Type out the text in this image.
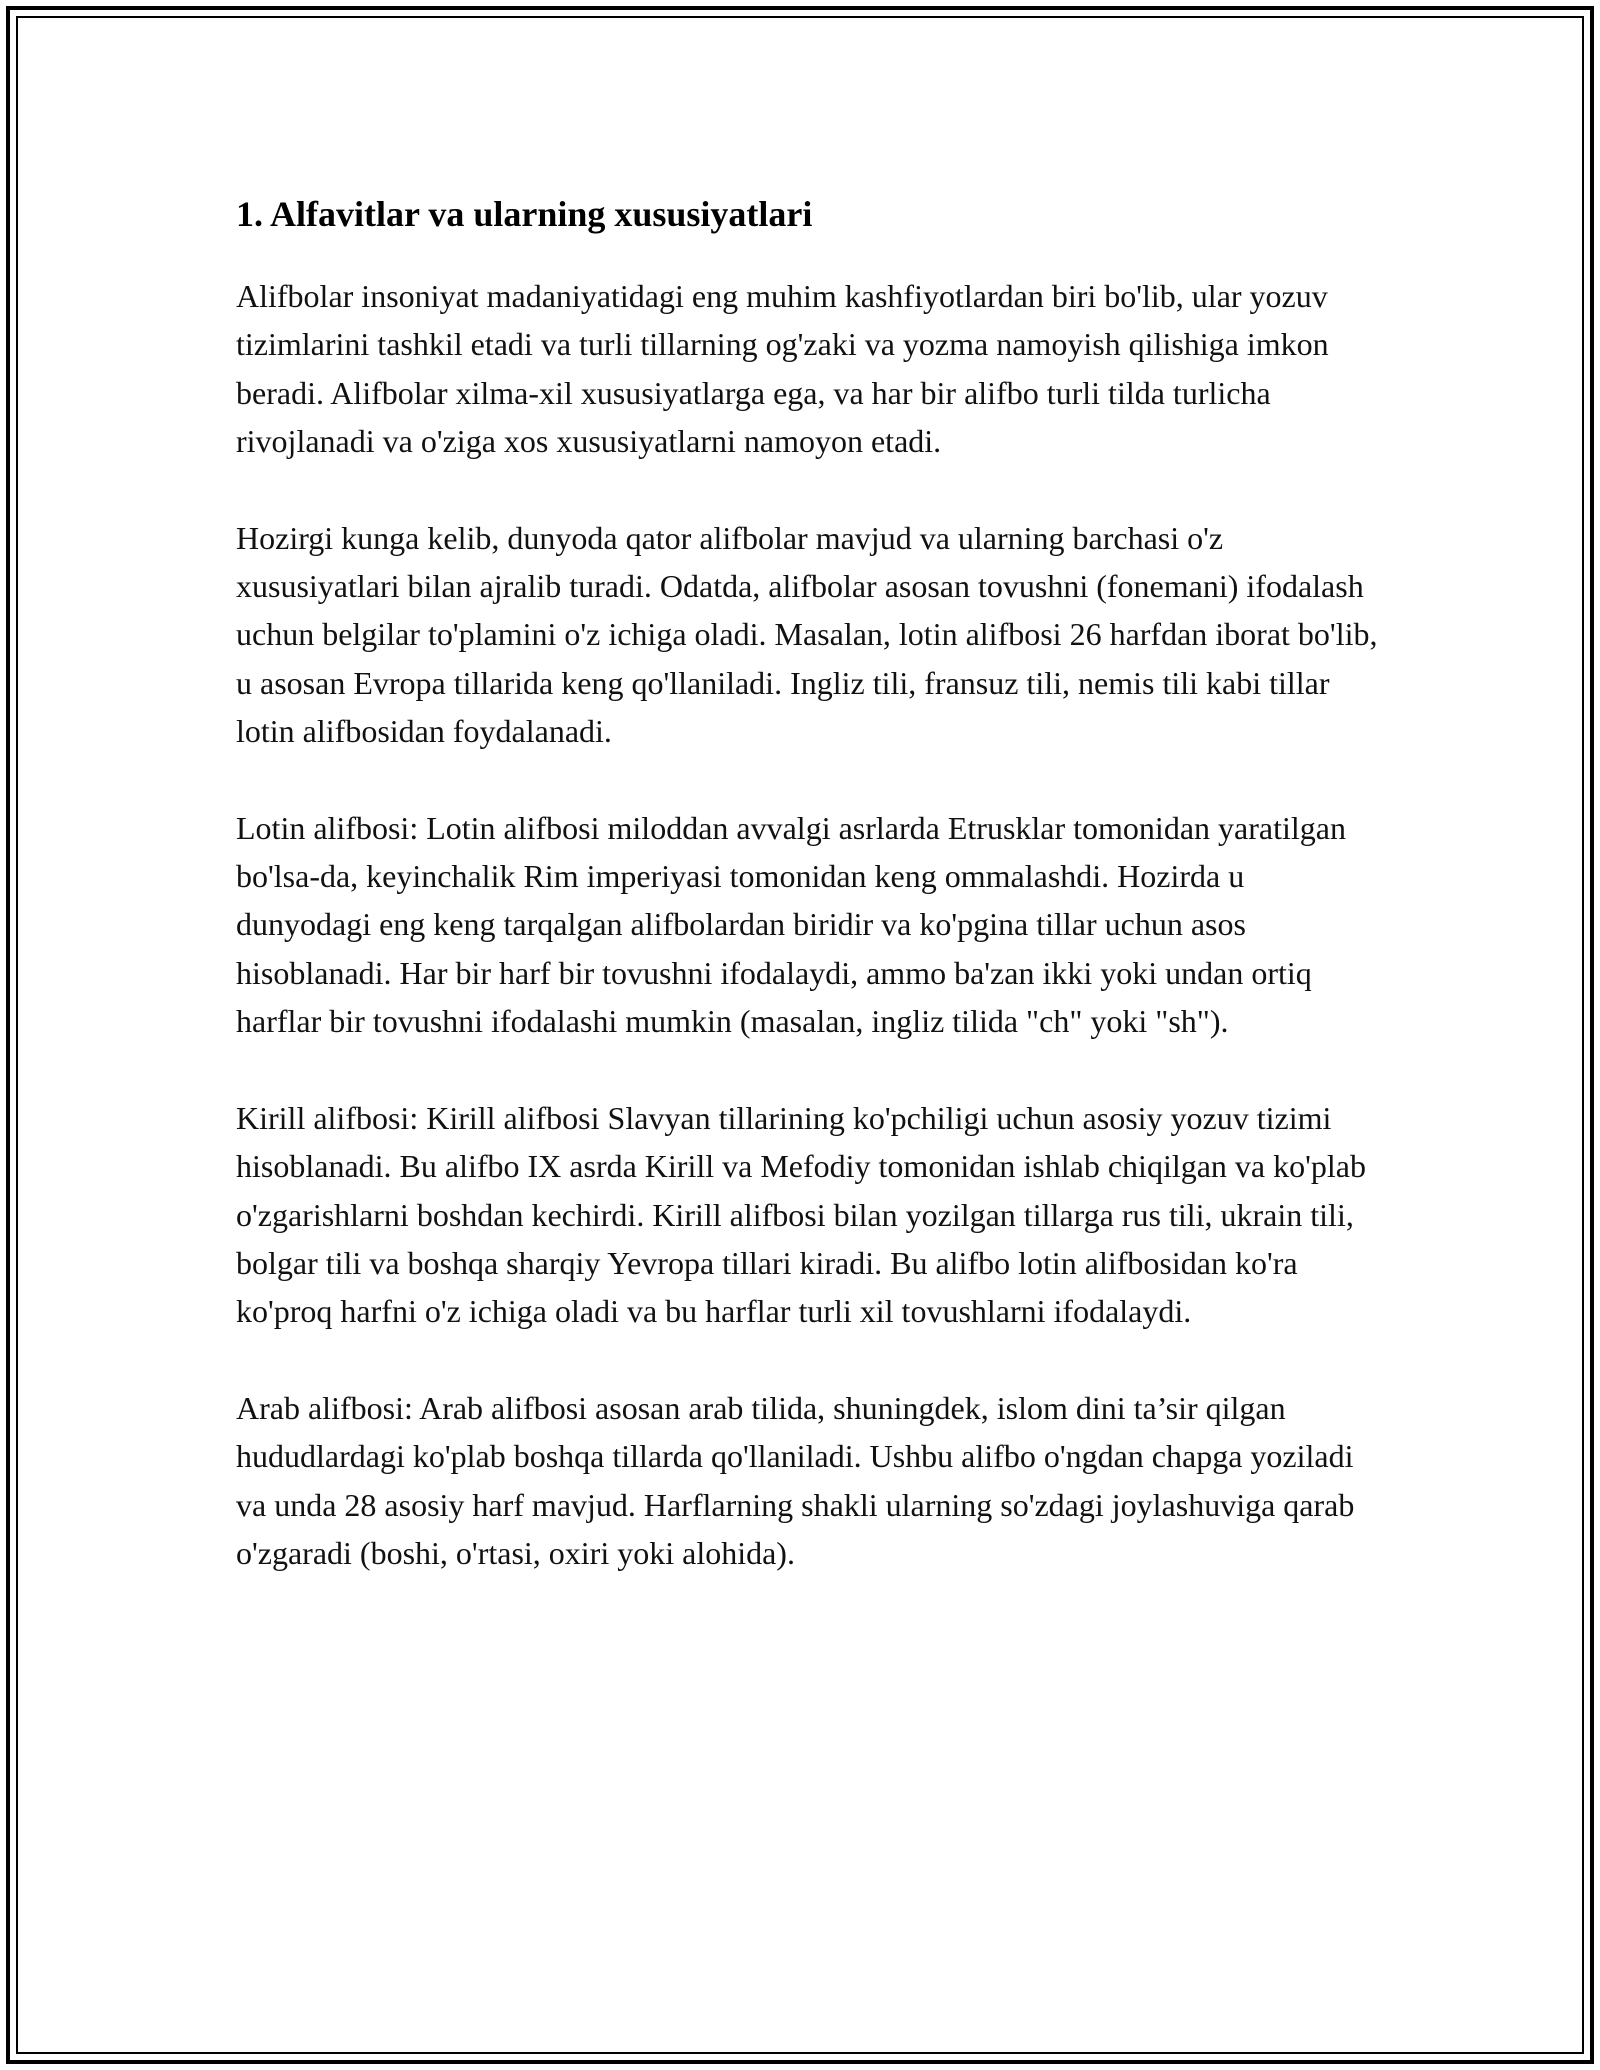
1. Alfavitlar va ularning xususiyatlari

Alifbolar insoniyat madaniyatidagi eng muhim kashfiyotlardan biri bo'lib, ular yozuv tizimlarini tashkil etadi va turli tillarning og'zaki va yozma namoyish qilishiga imkon beradi. Alifbolar xilma-xil xususiyatlarga ega, va har bir alifbo turli tilda turlicha rivojlanadi va o'ziga xos xususiyatlarni namoyon etadi.

Hozirgi kunga kelib, dunyoda qator alifbolar mavjud va ularning barchasi o'z xususiyatlari bilan ajralib turadi. Odatda, alifbolar asosan tovushni (fonemani) ifodalash uchun belgilar to'plamini o'z ichiga oladi. Masalan, lotin alifbosi 26 harfdan iborat bo'lib, u asosan Evropa tillarida keng qo'llaniladi. Ingliz tili, fransuz tili, nemis tili kabi tillar lotin alifbosidan foydalanadi.

Lotin alifbosi: Lotin alifbosi miloddan avvalgi asrlarda Etrusklar tomonidan yaratilgan bo'lsa-da, keyinchalik Rim imperiyasi tomonidan keng ommalashdi. Hozirda u dunyodagi eng keng tarqalgan alifbolardan biridir va ko'pgina tillar uchun asos hisoblanadi. Har bir harf bir tovushni ifodalaydi, ammo ba'zan ikki yoki undan ortiq harflar bir tovushni ifodalashi mumkin (masalan, ingliz tilida "ch" yoki "sh").

Kirill alifbosi: Kirill alifbosi Slavyan tillarining ko'pchiligi uchun asosiy yozuv tizimi hisoblanadi. Bu alifbo IX asrda Kirill va Mefodiy tomonidan ishlab chiqilgan va ko'plab o'zgarishlarni boshdan kechirdi. Kirill alifbosi bilan yozilgan tillarga rus tili, ukrain tili, bolgar tili va boshqa sharqiy Yevropa tillari kiradi. Bu alifbo lotin alifbosidan ko'ra ko'proq harfni o'z ichiga oladi va bu harflar turli xil tovushlarni ifodalaydi.

Arab alifbosi: Arab alifbosi asosan arab tilida, shuningdek, islom dini ta’sir qilgan hududlardagi ko'plab boshqa tillarda qo'llaniladi. Ushbu alifbo o'ngdan chapga yoziladi va unda 28 asosiy harf mavjud. Harflarning shakli ularning so'zdagi joylashuviga qarab o'zgaradi (boshi, o'rtasi, oxiri yoki alohida).
